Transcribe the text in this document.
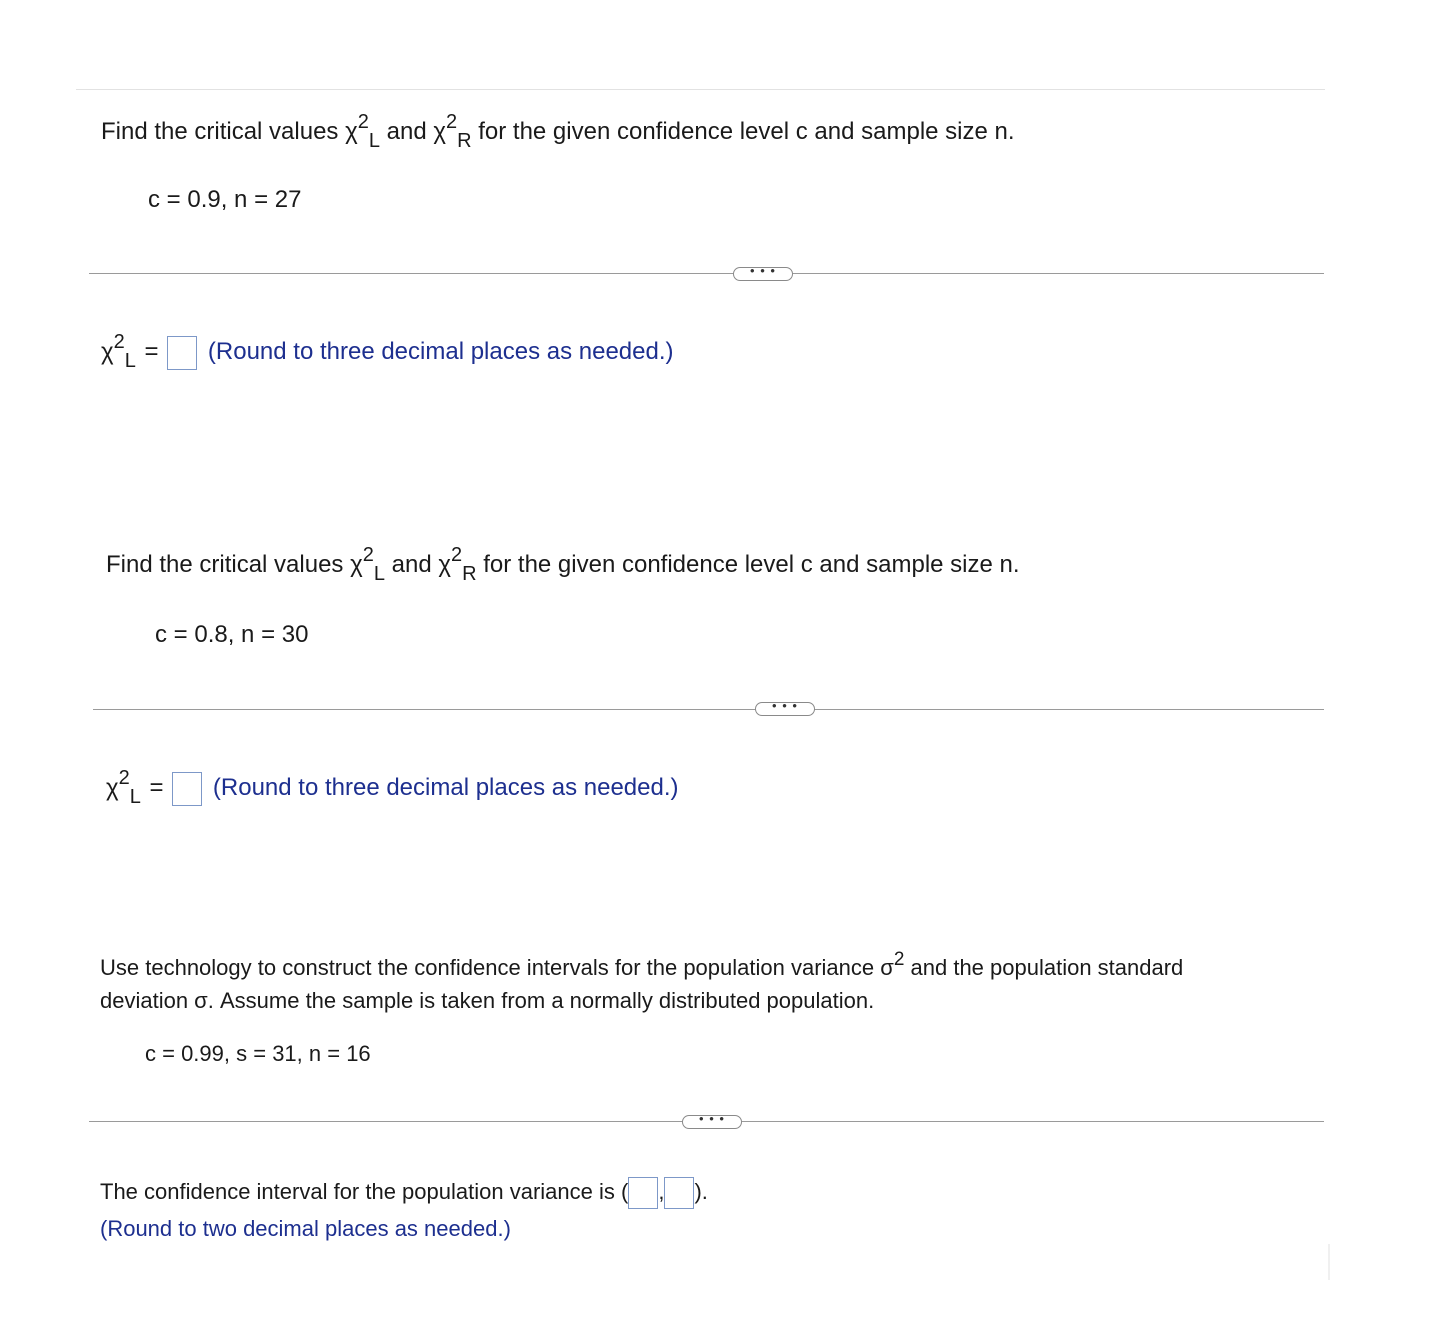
Find the critical values $\chi^2_L$ and $\chi^2_R$ for the given confidence level c and sample size n.
c = 0.9, n = 27
• • •
$\chi^2_L$ = (Round to three decimal places as needed.)
Find the critical values $\chi^2_L$ and $\chi^2_R$ for the given confidence level c and sample size n.
c = 0.8, n = 30
• • •
$\chi^2_L$ = (Round to three decimal places as needed.)
Use technology to construct the confidence intervals for the population variance σ2 and the population standard
deviation σ. Assume the sample is taken from a normally distributed population.
c = 0.99, s = 31, n = 16
• • •
The confidence interval for the population variance is ( , ).
(Round to two decimal places as needed.)
